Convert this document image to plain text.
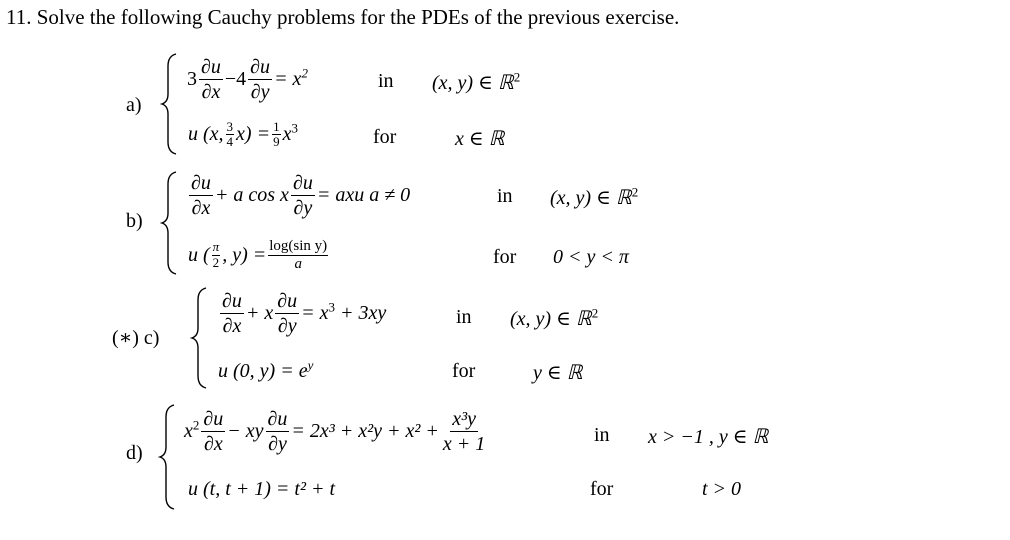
11. Solve the following Cauchy problems for the PDEs of the previous exercise.
a)
$3 \frac{\partial u}{\partial x} -4 \frac{\partial u}{\partial y} = x^2$	in (x, y) ∈ ℝ$^2$
u (x, $\frac{3}{4} x) = \frac{1}{9} x^3$	for	x ∈ ℝ
b)
$\frac{\partial u}{\partial x} + a$ cos x $\frac{\partial u}{\partial y}$ = axu a ≠ 0	in (x, y) ∈ ℝ$^2$
u ( $\frac{\pi}{2}$ , $y) = \frac{\text{log(sin y)}}{a}$	for 0 < y < π
(∗) c)
$\frac{\partial u}{\partial x} + x \frac{\partial u}{\partial y} = x^3 + 3xy$	in (x, y) ∈ ℝ$^2$
u (0, $y) = e^y$	for	y ∈ ℝ
d)
$x^2 \frac{\partial u}{\partial x}$ − xy $\frac{\partial u}{\partial y} = 2x^3 + x^2y + x^2 + \frac{\text{x³y}}{x + 1}$	in x > −1 , y ∈ ℝ
u (t, t + 1) = t² + t	for	t > 0
